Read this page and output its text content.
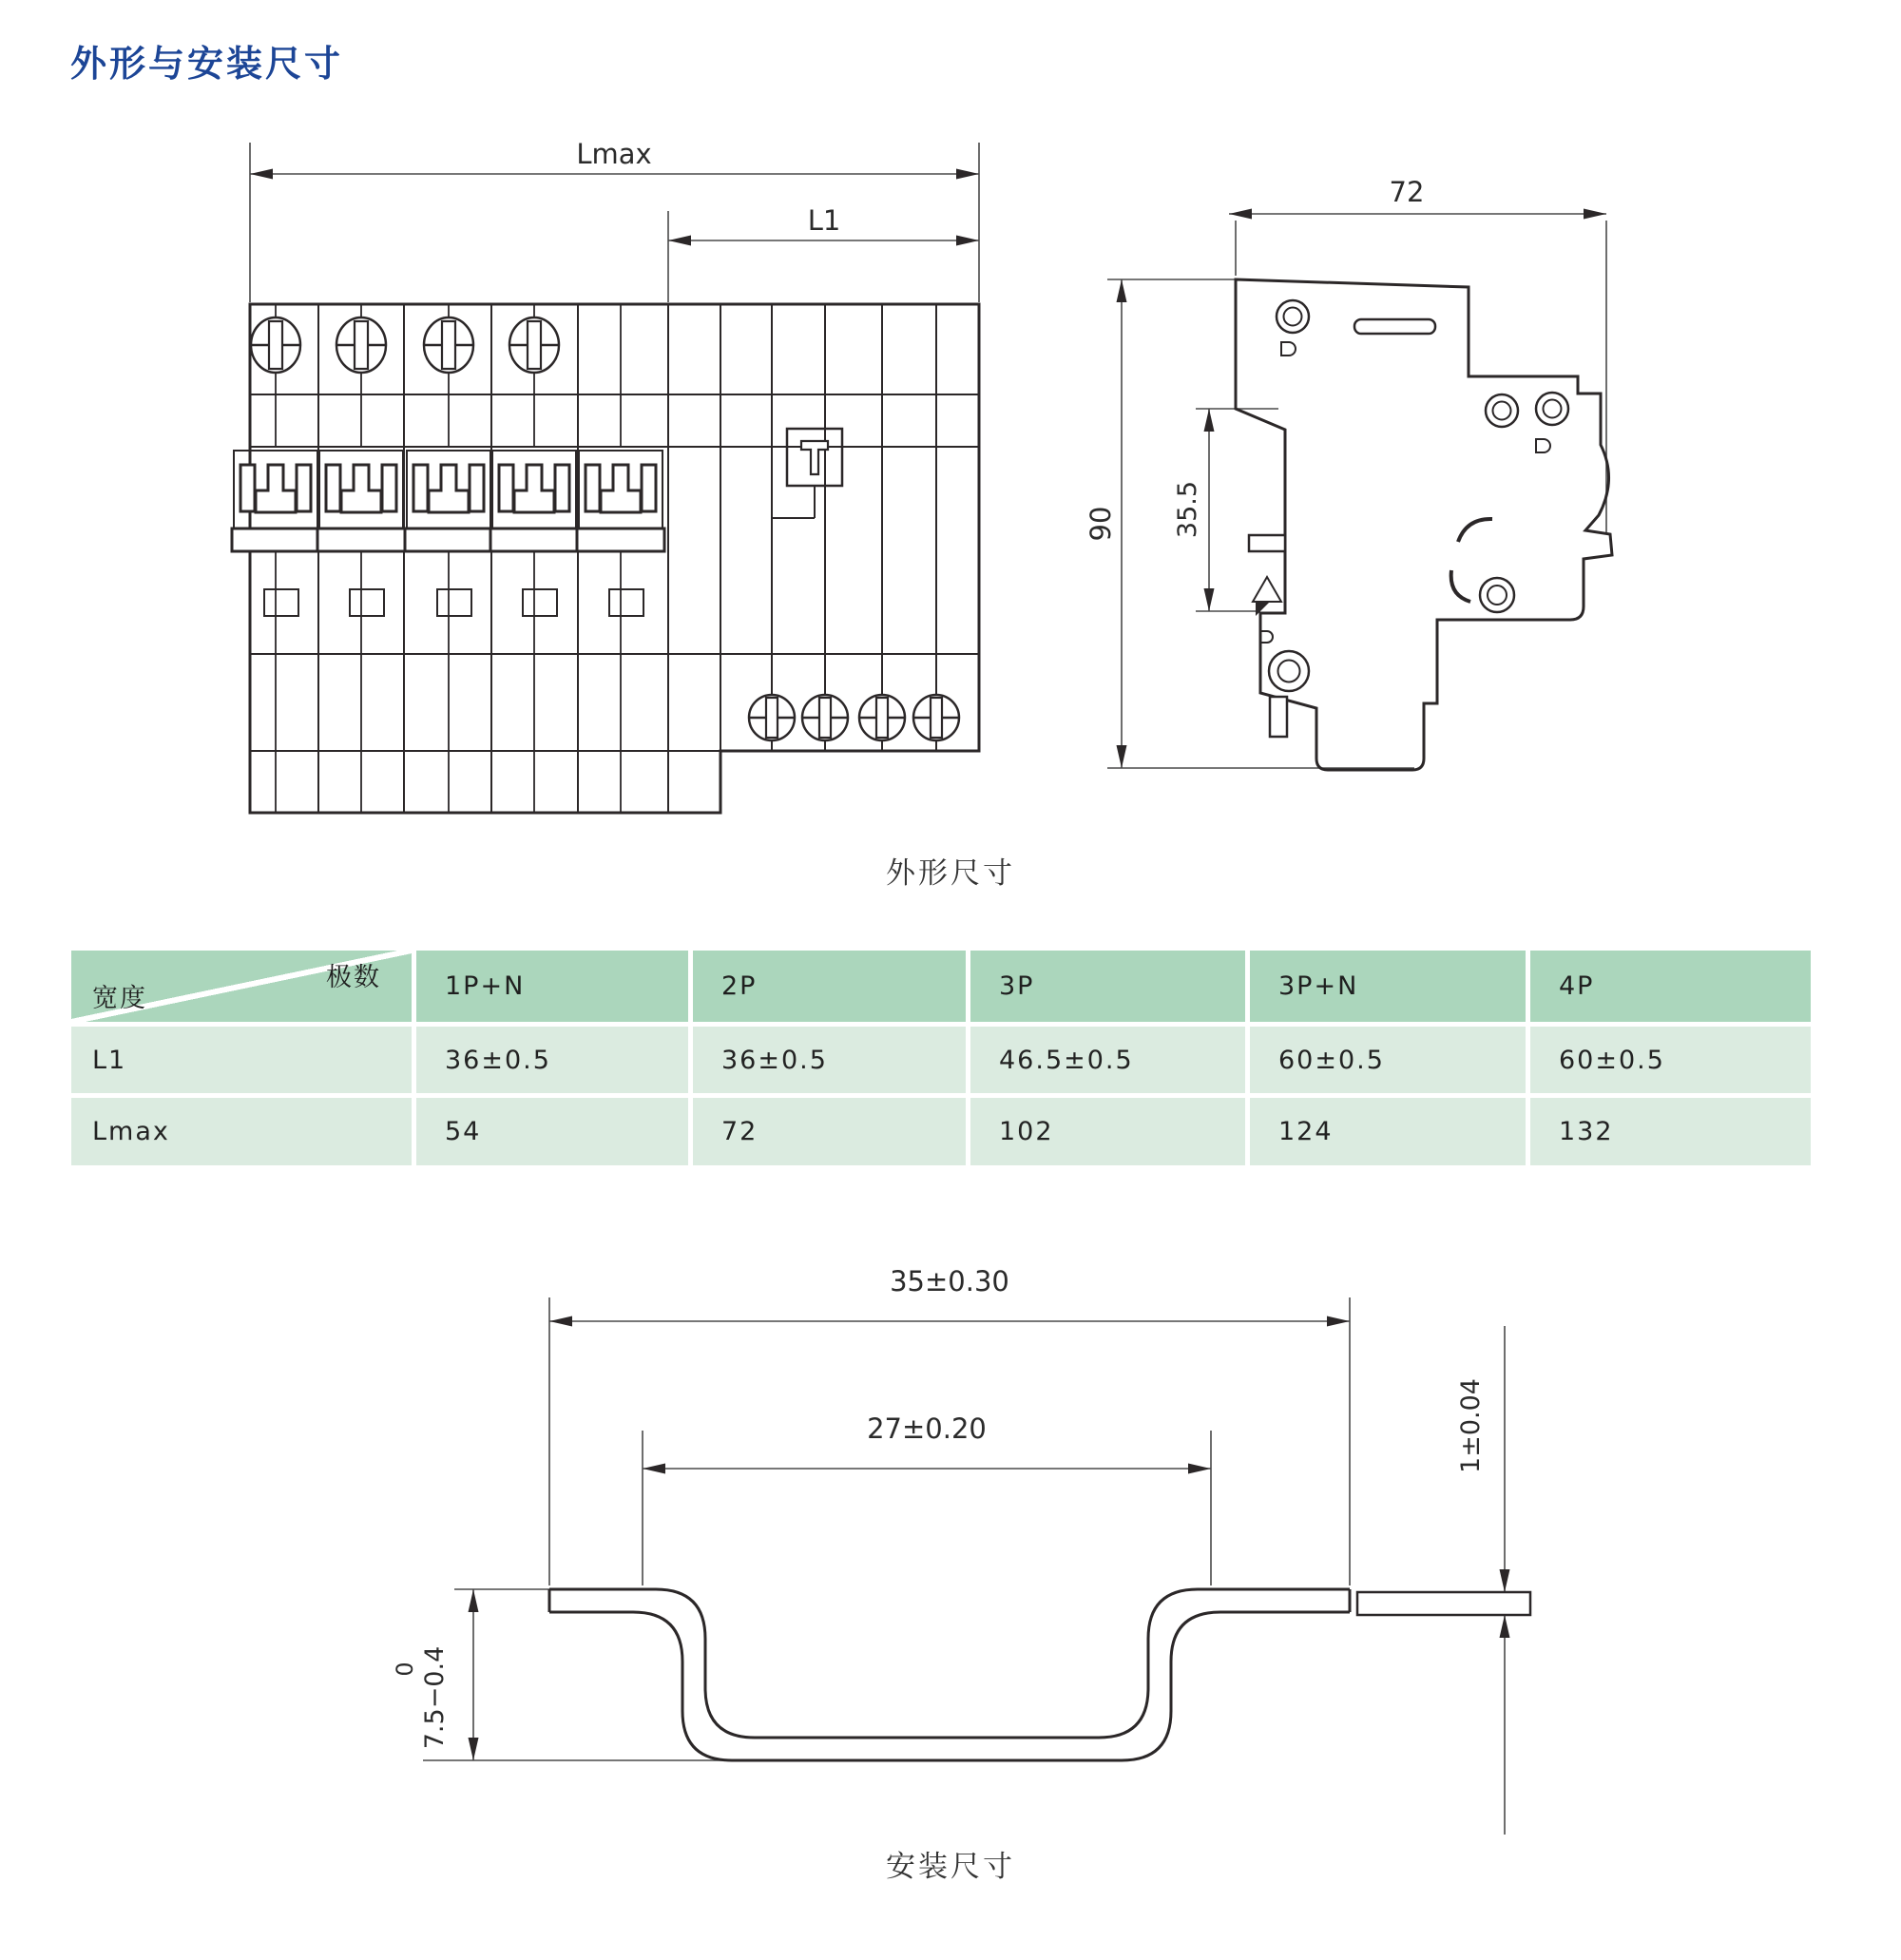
外形与安装尺寸
Lmax
L1
72
90 35.5
35±0.30
27±0.20	1±0.04
7.5−0.4
0
外形尺寸
安装尺寸
极数
宽度	1P+N	2P	3P	3P+N	4P
L1	36±0.5	36±0.5	46.5±0.5	60±0.5	60±0.5
Lmax	54	72	102	124	132
